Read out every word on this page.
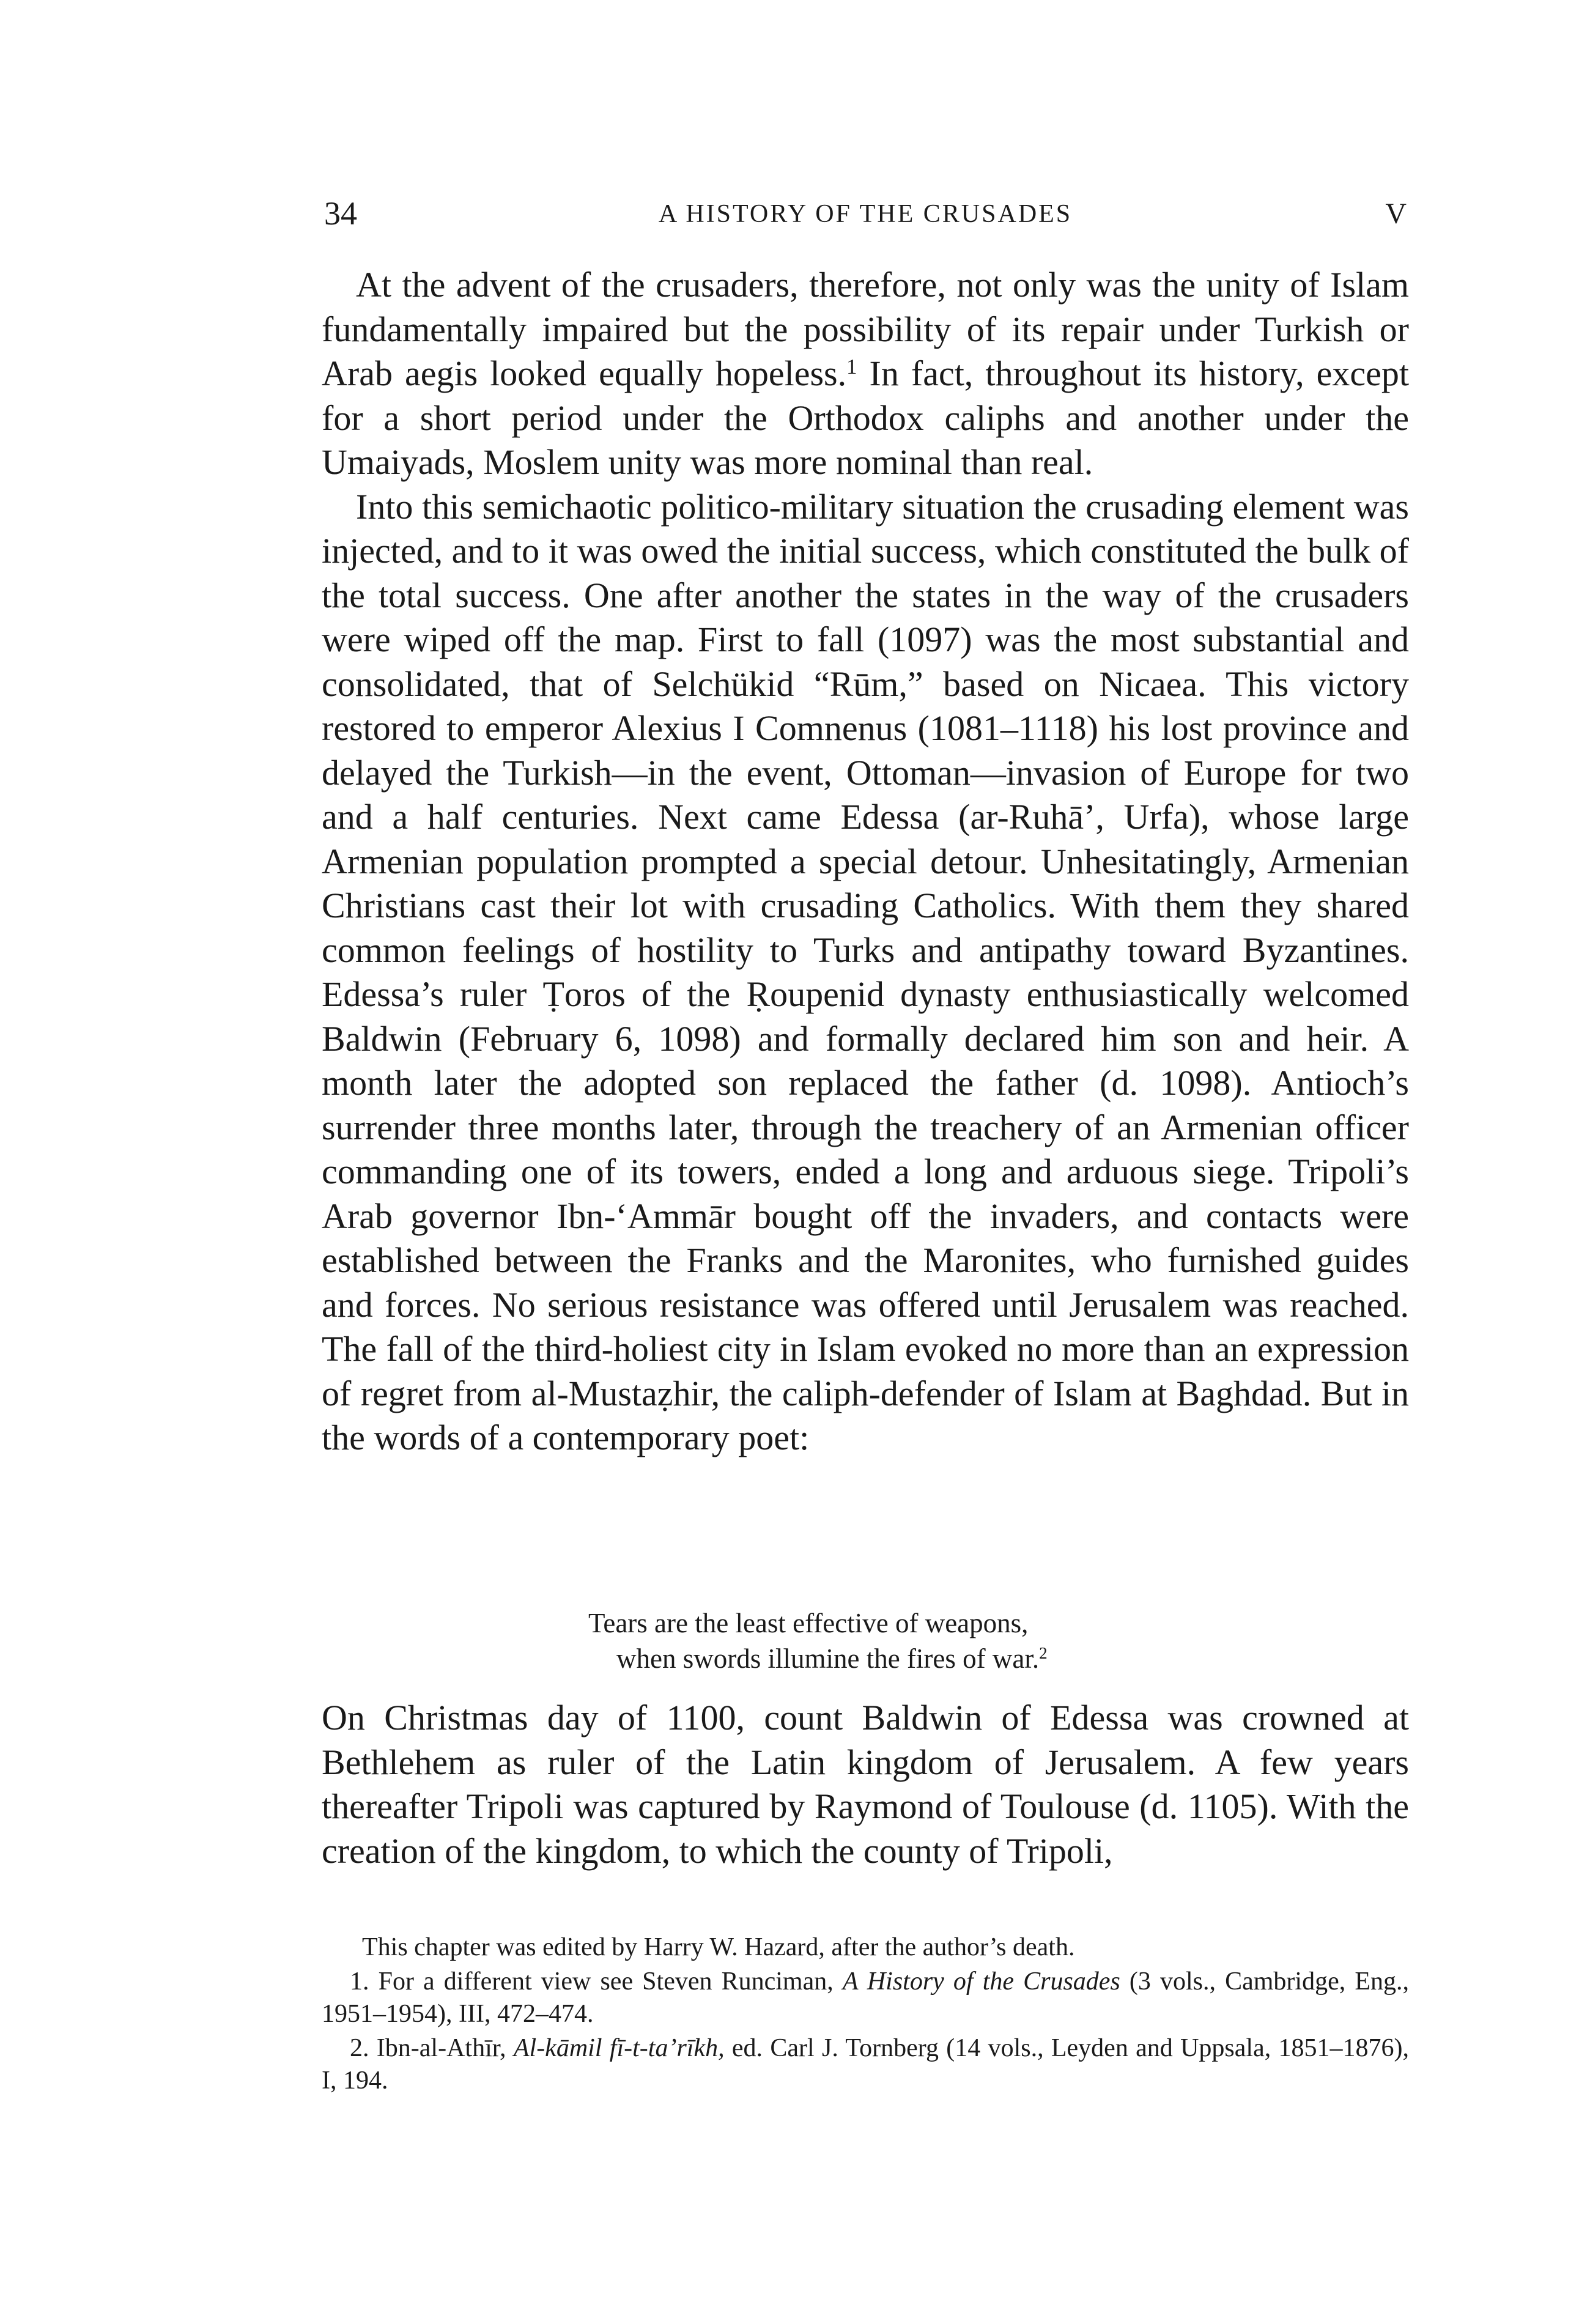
34	A HISTORY OF THE CRUSADES	V

At the advent of the crusaders, therefore, not only was the unity of Islam fundamentally impaired but the possibility of its repair under Turkish or Arab aegis looked equally hopeless.$^1$ In fact, throughout its history, except for a short period under the Orthodox caliphs and another under the Umaiyads, Moslem unity was more nominal than real.

Into this semichaotic politico-military situation the crusading element was injected, and to it was owed the initial success, which constituted the bulk of the total success. One after another the states in the way of the crusaders were wiped off the map. First to fall (1097) was the most substantial and consolidated, that of Selchükid “Rūm,” based on Nicaea. This victory restored to emperor Alexius I Comnenus (1081–1118) his lost province and delayed the Turkish—in the event, Ottoman—invasion of Europe for two and a half centuries. Next came Edessa (ar-Ruhā’, Urfa), whose large Armenian population prompted a special detour. Unhesitatingly, Armenian Christians cast their lot with crusading Catholics. With them they shared common feelings of hostility to Turks and antipathy toward Byzantines. Edessa’s ruler Ṭoros of the Ṛoupenid dynasty enthusiastically welcomed Baldwin (February 6, 1098) and formally declared him son and heir. A month later the adopted son replaced the father (d. 1098). Antioch’s surrender three months later, through the treachery of an Armenian officer commanding one of its towers, ended a long and arduous siege. Tripoli’s Arab governor Ibn-‘Ammār bought off the invaders, and contacts were established between the Franks and the Maronites, who furnished guides and forces. No serious resistance was offered until Jerusalem was reached. The fall of the third-holiest city in Islam evoked no more than an expression of regret from al-Mustaẓhir, the caliph-defender of Islam at Baghdad. But in the words of a contemporary poet:

Tears are the least effective of weapons,
when swords illumine the fires of war.$^2$

On Christmas day of 1100, count Baldwin of Edessa was crowned at Bethlehem as ruler of the Latin kingdom of Jerusalem. A few years thereafter Tripoli was captured by Raymond of Toulouse (d. 1105). With the creation of the kingdom, to which the county of Tripoli,

This chapter was edited by Harry W. Hazard, after the author’s death.

1. For a different view see Steven Runciman, A History of the Crusades (3 vols., Cambridge, Eng., 1951–1954), III, 472–474.

2. Ibn-al-Athīr, Al-kāmil fī-t-ta’rīkh, ed. Carl J. Tornberg (14 vols., Leyden and Uppsala, 1851–1876), I, 194.
